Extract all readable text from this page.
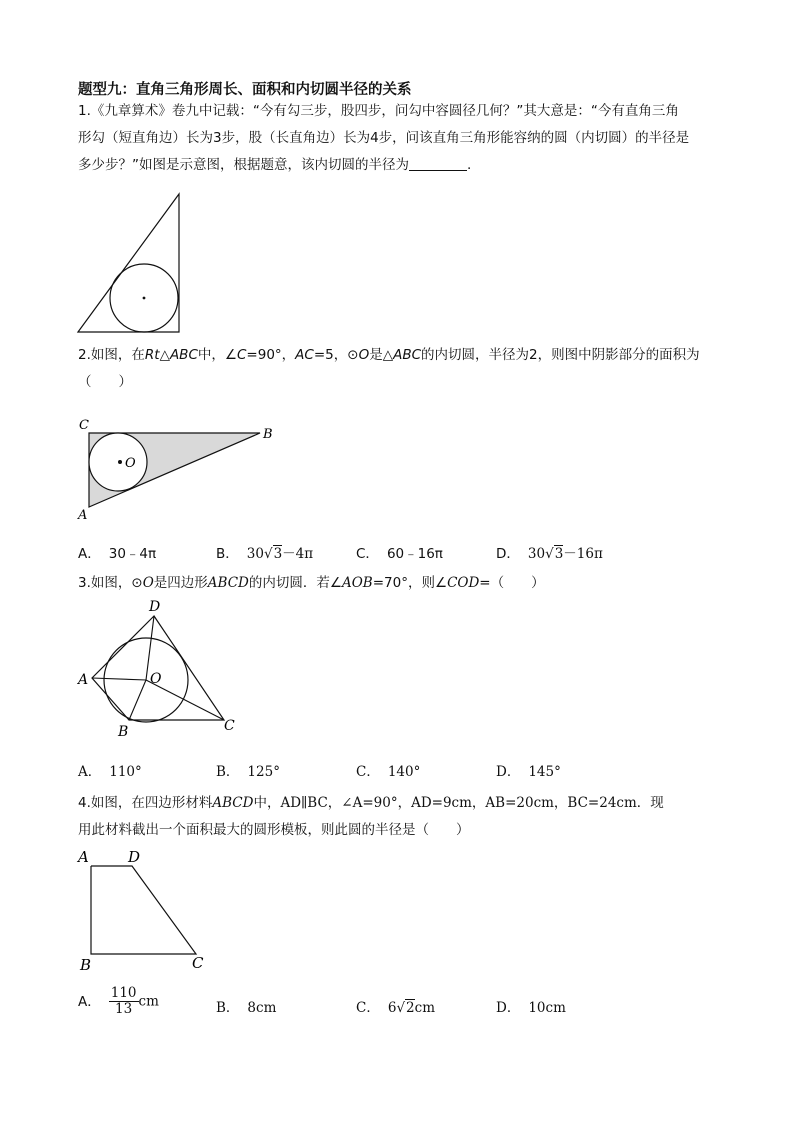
题型九：直角三角形周长、面积和内切圆半径的关系
1.《九章算术》卷九中记载：“今有勾三步，股四步，问勾中容圆径几何？”其大意是：“今有直角三角
形勾（短直角边）长为3步，股（长直角边）长为4步，问该直角三角形能容纳的圆（内切圆）的半径是
多少步？”如图是示意图，根据题意，该内切圆的半径为	.
2.如图，在Rt△ABC中，∠C=90°，AC=5，⊙O是△ABC的内切圆，半径为2，则图中阴影部分的面积为
（　　）
C
B
A
O
A． 30﹣4π	B． 30√3－4π	C． 60﹣16π	D． 30√3－16π
3.如图，⊙O是四边形ABCD的内切圆．若∠AOB=70°，则∠COD=（　　）
D
A	O
B	C
A． 110°	B． 125°	C． 140°	D． 145°
4.如图，在四边形材料ABCD中，AD∥BC，∠A=90°，AD=9cm，AB=20cm，BC=24cm．现
用此材料截出一个面积最大的圆形模板，则此圆的半径是（　　）
A	D
B	C
A． $\frac{110}{13}$ cm	B． 8cm	C． 6√2cm	D． 10cm
